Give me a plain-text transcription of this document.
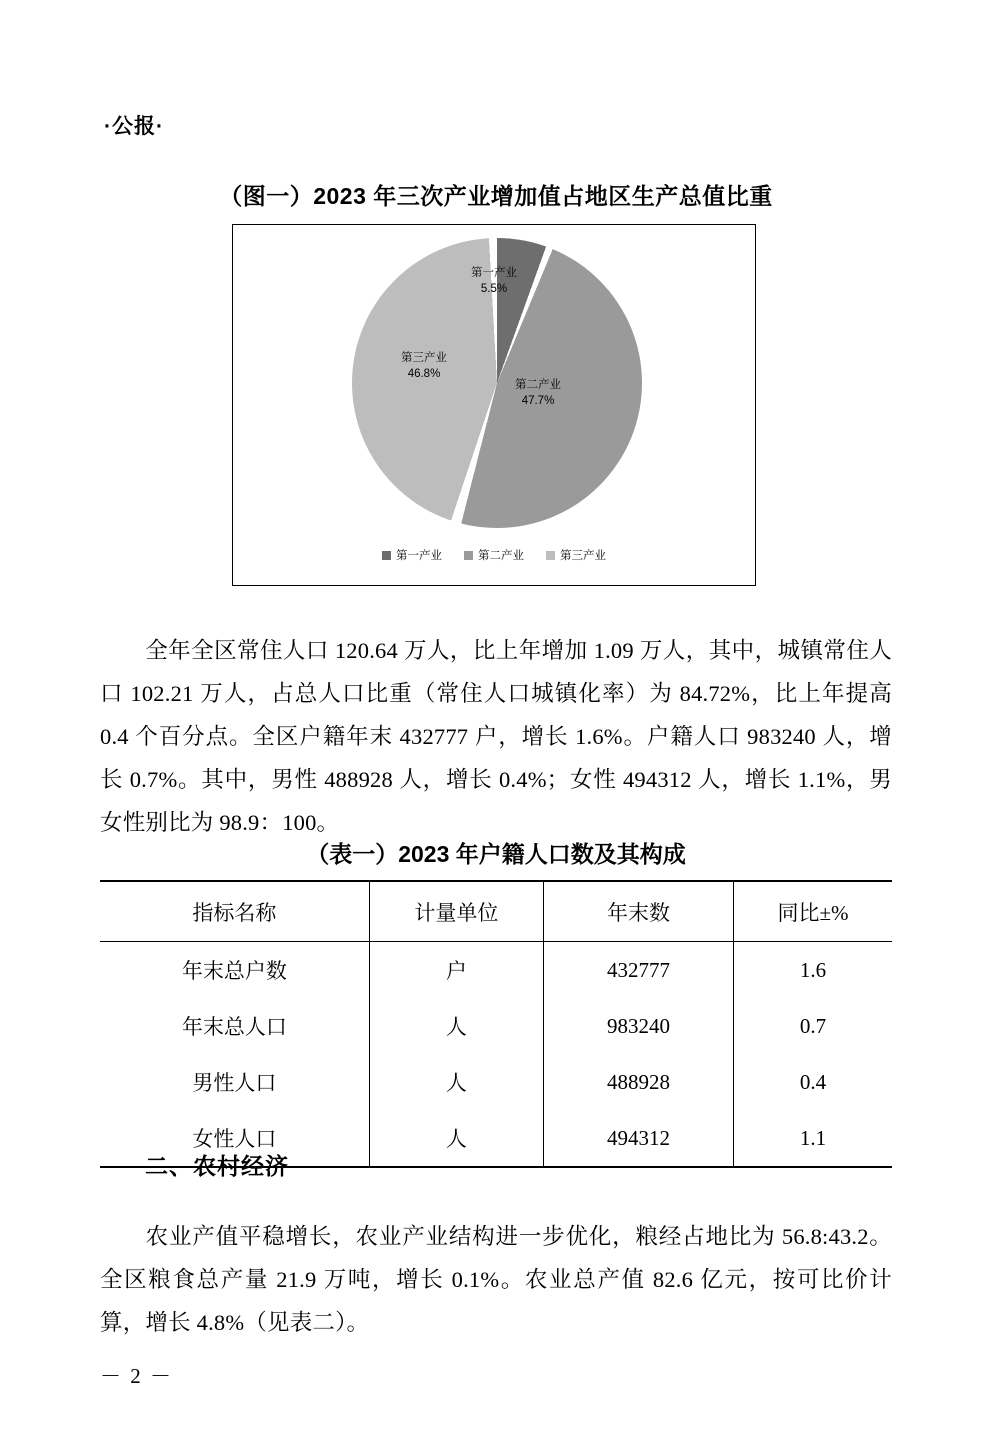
·公报·
（图一）2023 年三次产业增加值占地区生产总值比重
第一产业
5.5%
第二产业
47.7%
第三产业
46.8%
第一产业	第二产业	第三产业

全年全区常住人口 120.64 万人，比上年增加 1.09 万人，其中，城镇常住人口 102.21 万人，占总人口比重（常住人口城镇化率）为 84.72%，比上年提高 0.4 个百分点。全区户籍年末 432777 户，增长 1.6%。户籍人口 983240 人，增长 0.7%。其中，男性 488928 人，增长 0.4%；女性 494312 人，增长 1.1%，男女性别比为 98.9：100。

（表一）2023 年户籍人口数及其构成
指标名称	计量单位	年末数	同比±%
年末总户数	户	432777	1.6
年末总人口	人	983240	0.7
男性人口	人	488928	0.4
女性人口	人	494312	1.1
二、农村经济

农业产值平稳增长，农业产业结构进一步优化，粮经占地比为 56.8:43.2。全区粮食总产量 21.9 万吨，增长 0.1%。农业总产值 82.6 亿元，按可比价计算，增长 4.8%（见表二）。

－ 2 －
